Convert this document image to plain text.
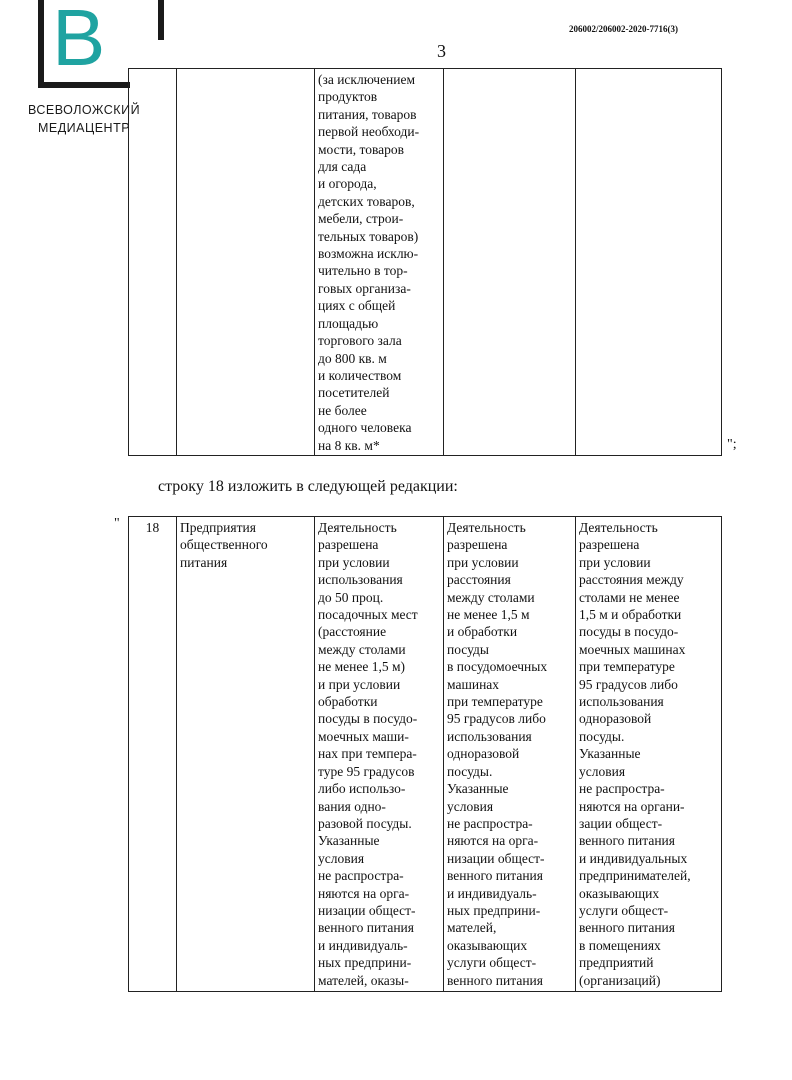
B
ВСЕВОЛОЖСКИЙ
МЕДИАЦЕНТР
206002/206002-2020-7716(3)
3
		(за исключением
продуктов
питания, товаров
первой необходи-
мости, товаров
для сада
и огорода,
детских товаров,
мебели, строи-
тельных товаров)
возможна исклю-
чительно в тор-
говых организа-
циях с общей
площадью
торгового зала
до 800 кв. м
и количеством
посетителей
не более
одного человека
на 8 кв. м*			";
строку 18 изложить в следующей редакции:
" 18	Предприятия
общественного
питания	Деятельность
разрешена
при условии
использования
до 50 проц.
посадочных мест
(расстояние
между столами
не менее 1,5 м)
и при условии
обработки
посуды в посудо-
моечных маши-
нах при темпера-
туре 95 градусов
либо использо-
вания одно-
разовой посуды.
Указанные
условия
не распростра-
няются на орга-
низации общест-
венного питания
и индивидуаль-
ных предприни-
мателей, оказы-	Деятельность
разрешена
при условии
расстояния
между столами
не менее 1,5 м
и обработки
посуды
в посудомоечных
машинах
при температуре
95 градусов либо
использования
одноразовой
посуды.
Указанные
условия
не распростра-
няются на орга-
низации общест-
венного питания
и индивидуаль-
ных предприни-
мателей,
оказывающих
услуги общест-
венного питания	Деятельность
разрешена
при условии
расстояния между
столами не менее
1,5 м и обработки
посуды в посудо-
моечных машинах
при температуре
95 градусов либо
использования
одноразовой
посуды.
Указанные
условия
не распростра-
няются на органи-
зации общест-
венного питания
и индивидуальных
предпринимателей,
оказывающих
услуги общест-
венного питания
в помещениях
предприятий
(организаций)
